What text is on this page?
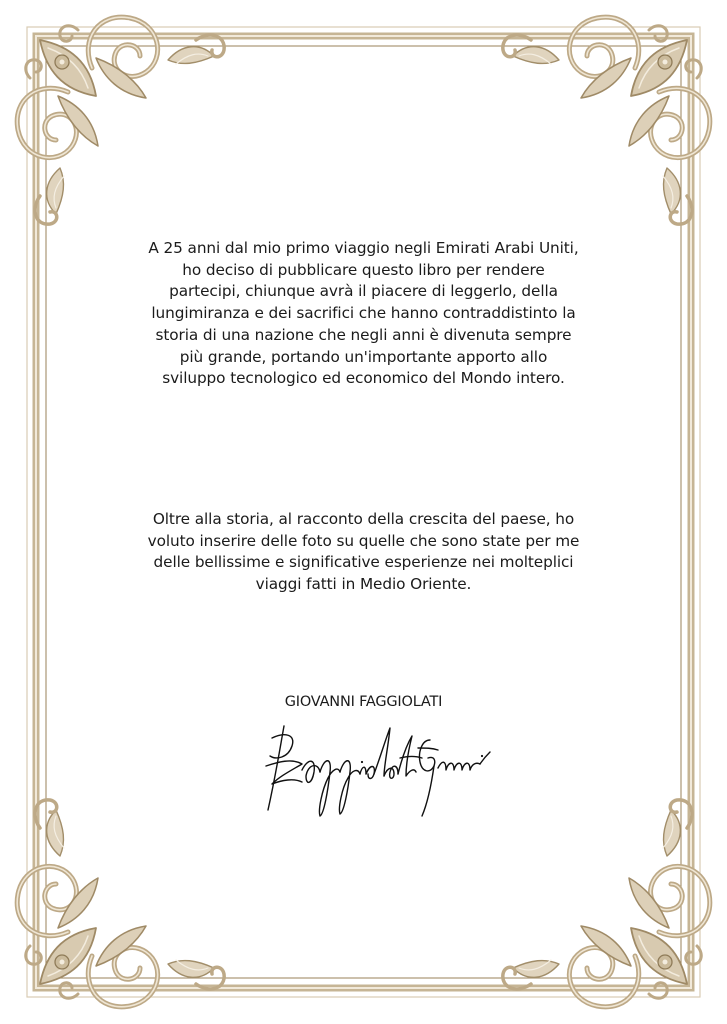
A 25 anni dal mio primo viaggio negli Emirati Arabi Uniti,
ho deciso di pubblicare questo libro per rendere
partecipi, chiunque avrà il piacere di leggerlo, della
lungimiranza e dei sacrifici che hanno contraddistinto la
storia di una nazione che negli anni è divenuta sempre
più grande, portando un'importante apporto allo
sviluppo tecnologico ed economico del Mondo intero.

Oltre alla storia, al racconto della crescita del paese, ho
voluto inserire delle foto su quelle che sono state per me
delle bellissime e significative esperienze nei molteplici
viaggi fatti in Medio Oriente.

GIOVANNI FAGGIOLATI
